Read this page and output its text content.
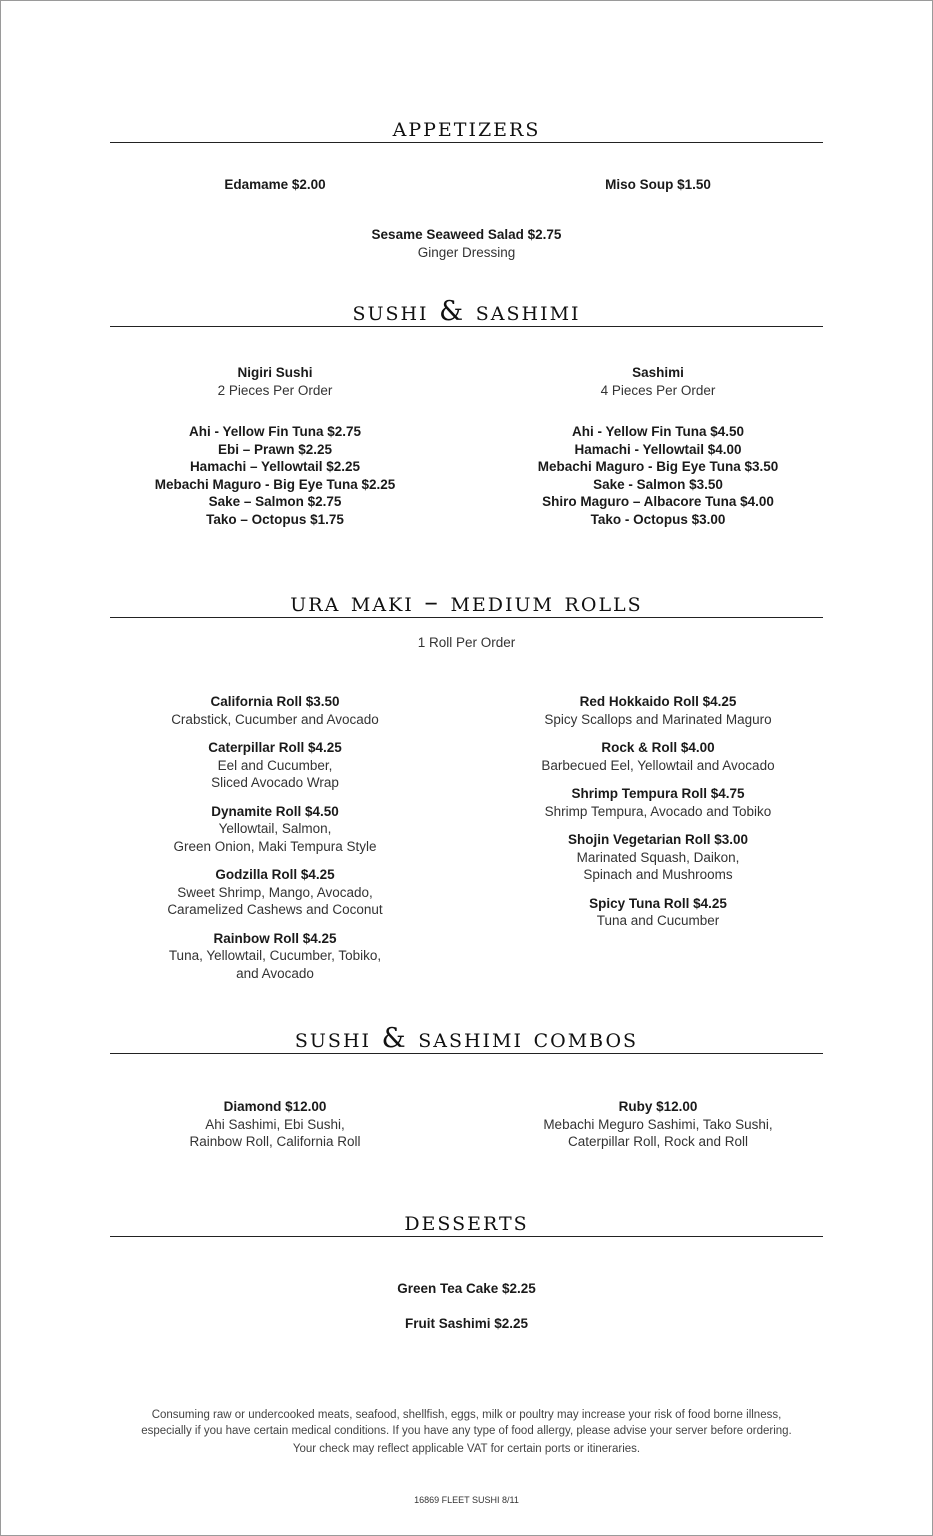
appetizers
Edamame $2.00	Miso Soup $1.50
Sesame Seaweed Salad $2.75
Ginger Dressing
sushi & sashimi
Nigiri Sushi
2 Pieces Per Order
Ahi - Yellow Fin Tuna $2.75
Ebi – Prawn $2.25
Hamachi – Yellowtail $2.25
Mebachi Maguro - Big Eye Tuna $2.25
Sake – Salmon $2.75
Tako – Octopus $1.75
Sashimi
4 Pieces Per Order
Ahi - Yellow Fin Tuna $4.50
Hamachi - Yellowtail $4.00
Mebachi Maguro - Big Eye Tuna $3.50
Sake - Salmon $3.50
Shiro Maguro – Albacore Tuna $4.00
Tako - Octopus $3.00
ura maki – medium rolls
1 Roll Per Order
California Roll $3.50
Crabstick, Cucumber and Avocado
Caterpillar Roll $4.25
Eel and Cucumber,
Sliced Avocado Wrap
Dynamite Roll $4.50
Yellowtail, Salmon,
Green Onion, Maki Tempura Style
Godzilla Roll $4.25
Sweet Shrimp, Mango, Avocado,
Caramelized Cashews and Coconut
Rainbow Roll $4.25
Tuna, Yellowtail, Cucumber, Tobiko,
and Avocado
Red Hokkaido Roll $4.25
Spicy Scallops and Marinated Maguro
Rock & Roll $4.00
Barbecued Eel, Yellowtail and Avocado
Shrimp Tempura Roll $4.75
Shrimp Tempura, Avocado and Tobiko
Shojin Vegetarian Roll $3.00
Marinated Squash, Daikon,
Spinach and Mushrooms
Spicy Tuna Roll $4.25
Tuna and Cucumber
sushi & sashimi combos
Diamond $12.00
Ahi Sashimi, Ebi Sushi,
Rainbow Roll, California Roll
Ruby $12.00
Mebachi Meguro Sashimi, Tako Sushi,
Caterpillar Roll, Rock and Roll
desserts
Green Tea Cake $2.25
Fruit Sashimi $2.25
Consuming raw or undercooked meats, seafood, shellfish, eggs, milk or poultry may increase your risk of food borne illness,
especially if you have certain medical conditions. If you have any type of food allergy, please advise your server before ordering.
Your check may reflect applicable VAT for certain ports or itineraries.
16869 FLEET SUSHI 8/11
